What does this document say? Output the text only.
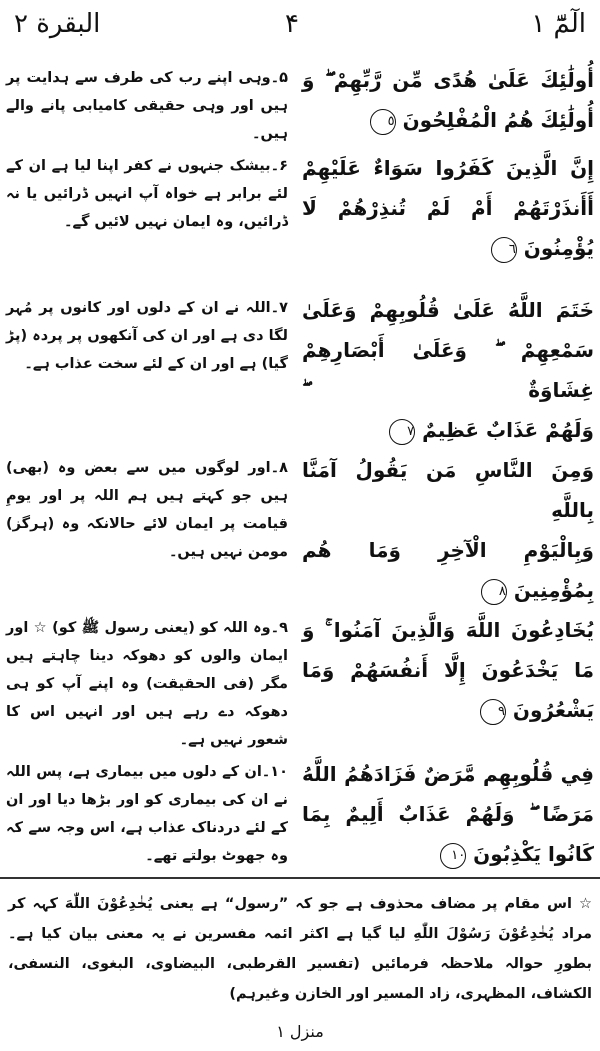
الٓمّٓ ١
۴
البقرة ٢
۵۔وہی اپنے رب کی طرف سے ہدایت پر ہیں اور وہی حقیقی کامیابی پانے والے ہیں۔
أُولَٰئِكَ عَلَىٰ هُدًى مِّن رَّبِّهِمْ ۖ وَ
أُولَٰئِكَ هُمُ الْمُفْلِحُونَ ٥
۶۔بیشک جنہوں نے کفر اپنا لیا ہے ان کے لئے برابر ہے خواہ آپ انہیں ڈرائیں یا نہ ڈرائیں، وہ ایمان نہیں لائیں گے۔
إِنَّ الَّذِينَ كَفَرُوا سَوَاءٌ عَلَيْهِمْ
أَأَنذَرْتَهُمْ أَمْ لَمْ تُنذِرْهُمْ لَا
يُؤْمِنُونَ ٦
۷۔اللہ نے ان کے دلوں اور کانوں پر مُہر لگا دی ہے اور ان کی آنکھوں پر پردہ (پڑ گیا) ہے اور ان کے لئے سخت عذاب ہے۔
خَتَمَ اللَّهُ عَلَىٰ قُلُوبِهِمْ وَعَلَىٰ
سَمْعِهِمْ ۖ وَعَلَىٰ أَبْصَارِهِمْ غِشَاوَةٌ ۖ
وَلَهُمْ عَذَابٌ عَظِيمٌ ٧
۸۔اور لوگوں میں سے بعض وہ (بھی) ہیں جو کہتے ہیں ہم اللہ پر اور یومِ قیامت پر ایمان لائے حالانکہ وہ (ہرگز) مومن نہیں ہیں۔
وَمِنَ النَّاسِ مَن يَقُولُ آمَنَّا بِاللَّهِ
وَبِالْيَوْمِ الْآخِرِ وَمَا هُم
بِمُؤْمِنِينَ ٨
۹۔وہ اللہ کو (یعنی رسول ﷺ کو) ☆ اور ایمان والوں کو دھوکہ دینا چاہتے ہیں مگر (فی الحقیقت) وہ اپنے آپ کو ہی دھوکہ دے رہے ہیں اور انہیں اس کا شعور نہیں ہے۔
يُخَادِعُونَ اللَّهَ وَالَّذِينَ آمَنُوا ۚ وَ
مَا يَخْدَعُونَ إِلَّا أَنفُسَهُمْ وَمَا
يَشْعُرُونَ ٩
۱۰۔ان کے دلوں میں بیماری ہے، پس اللہ نے ان کی بیماری کو اور بڑھا دیا اور ان کے لئے دردناک عذاب ہے، اس وجہ سے کہ وہ جھوٹ بولتے تھے۔
فِي قُلُوبِهِم مَّرَضٌ فَزَادَهُمُ اللَّهُ
مَرَضًا ۖ وَلَهُمْ عَذَابٌ أَلِيمٌ بِمَا
كَانُوا يَكْذِبُونَ ١٠
☆ اس مقام پر مضاف محذوف ہے جو کہ ”رسول“ ہے یعنی یُخٰدِعُوْنَ اللّٰهَ کہہ کر مراد یُخٰدِعُوْنَ رَسُوْلَ اللّٰهِ لیا گیا ہے اکثر ائمہ مفسرین نے یہ معنی بیان کیا ہے۔ بطورِ حوالہ ملاحظہ فرمائیں (تفسیر القرطبی، البیضاوی، البغوی، النسفی، الکشاف، المظہری، زاد المسیر اور الخازن وغیرہم)
منزل ١
